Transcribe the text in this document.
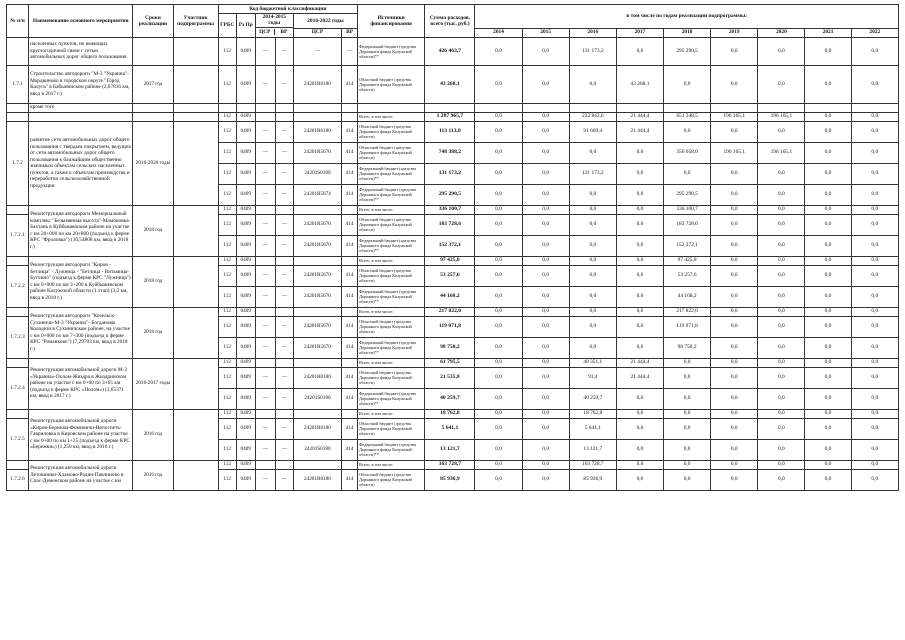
№ п/п	Наименование основного мероприятия	Сроки реализации	Участник подпрограммы	Код бюджетной классификации						Источники финансирования	Сумма расходов, всего (тыс. руб.)	в том числе по годам реализации подпрограммы:								
				ГРБС	Рз Пр	2014-2015 годы		2016-2022 годы												

						ЦСР ВР														

								ЦСР	ВР			2014	2015	2016	2017	2018	2019	2020	2021	2022
	населенных пунктов, не имеющих круглогодичной связи с сетью автомобильных дорог общего пользования			112	0409	—	—	—	—	Федеральный бюджет (средства Дорожного фонда Калужской области)**	426 463,7	0,0	0,0	131 173,2	0,0	295 290,5	0,0	0,0	0,0	0,0
1.7.1	Строительство автодороги "М-3 "Украина"-Мордвиново в городском округе "Город Калуга" в Бабынинском районе (2,07816 км, ввод в 2017 г.)	2017 год		112	0409	—	—	24201R0180	414	Областной бюджет (средства Дорожного фонда Калужской области)	43 268,1	0,0	0,0	0,0	43 268,1	0,0	0,0	0,0	0,0	0,0
	кроме того																			
				112	0409					Всего, в том числе:	1 287 965,7	0,0	0,0	222 842,6	21 444,4	651 348,5	196 165,1	196 165,1	0,0	0,0
1.7.2	развитие сети автомобильных дорог общего пользования с твердым покрытием, ведущих от сети автомобильных дорог общего пользования к ближайшим общественно значимым объектам сельских населенных пунктов, а также к объектам производства и переработки сельскохозяйственной продукции	2016-2020 годы		112	0409	—	—	24201R0180	414	Областной бюджет (средства Дорожного фонда Калужской области)	113 113,8	0,0	0,0	91 669,4	21 444,4	0,0	0,0	0,0	0,0	0,0
				112	0409	—	—	24201R5670	414	Областной бюджет (средства Дорожного фонда Калужской области)	748 388,2	0,0	0,0	0,0	0,0	356 058,0	196 165,1	196 165,1	0,0	0,0
				112	0409	—	—	24201S0180	414	Федеральный бюджет (средства Дорожного фонда Калужской области)**	131 173,2	0,0	0,0	131 173,2	0,0	0,0	0,0	0,0	0,0	0,0
				112	0409	—	—	24201R5674	414	Федеральный бюджет (средства Дорожного фонда Калужской области)**	295 290,5	0,0	0,0	0,0	0,0	295 290,5	0,0	0,0	0,0	0,0
	Реконструкция автодороги Мемориальный комплекс "Безымянная высота"-Мамоновка-Бахтань в Куйбышевском районе на участке с км 20+000 по км 20+800 (подъезд к ферме КРС "Фроловка") (10,54808 км, ввод в 2018 г.)	2018 год		112	0409					Всего, в том числе:	336 100,7	0,0	0,0	0,0	0,0	336 100,7	0,0	0,0	0,0	0,0
1.7.2.1				112	0409	—	—	24201R5670	414	Областной бюджет (средства Дорожного фонда Калужской области)	183 728,6	0,0	0,0	0,0	0,0	183 728,6	0,0	0,0	0,0	0,0
				112	0409	—	—	24201R5670	414	Федеральный бюджет (средства Дорожного фонда Калужской области)**	152 372,1	0,0	0,0	0,0	0,0	152 372,1	0,0	0,0	0,0	0,0
	Реконструкция автодороги "Киров - Бетлица" - Лужница - "Бетлица - Витьмица-Бутчино" (подъезд к ферме КРС "Лужница") с км 0+000 по км 3+200 в Куйбышевском районе Калужской области (1 этап) (3,2 км, ввод в 2018 г.)	2018 год		112	0409					Всего, в том числе:	97 425,8	0,0	0,0	0,0	0,0	97 425,8	0,0	0,0	0,0	0,0
1.7.2.2				112	0409	—	—	24201R5670	414	Областной бюджет (средства Дорожного фонда Калужской области)	53 257,6	0,0	0,0	0,0	0,0	53 257,6	0,0	0,0	0,0	0,0
				112	0409	—	—	24201R5670	414	Федеральный бюджет (средства Дорожного фонда Калужской области)**	44 168,2	0,0	0,0	0,0	0,0	44 168,2	0,0	0,0	0,0	0,0
	Реконструкция автодороги "Козельск-Сухиничи-М-3 "Украина"- Богдановы Колодези в Сухиничском районе, на участке с км 0+000 по км 7+300 (подъезд к ферме КРС "Романково") (7,29703 км, ввод в 2018 г.)	2018 год		112	0409					Всего, в том числе:	217 822,0	0,0	0,0	0,0	0,0	217 822,0	0,0	0,0	0,0	0,0
1.7.2.3				112	0409	—	—	24201R5670	414	Областной бюджет (средства Дорожного фонда Калужской области)	119 071,8	0,0	0,0	0,0	0,0	119 071,8	0,0	0,0	0,0	0,0
				112	0409	—	—	24201R5670	414	Федеральный бюджет (средства Дорожного фонда Калужской области)**	98 750,2	0,0	0,0	0,0	0,0	98 750,2	0,0	0,0	0,0	0,0
	Реконструкция автомобильной дороги М-3 «Украина»-Полом-Жиздра в Жиздринском районе на участке с км 0+00 по 3+65 км (подъезд к ферме КРС «Полом») (3,65371 км, ввод в 2017 г.)	2016-2017 годы		112	0409					Всего, в том числе:	61 795,5	0,0	0,0	40 351,1	21 444,4	0,0	0,0	0,0	0,0	0,0
1.7.2.4				112	0409	—	—	24201R0180	414	Областной бюджет (средства Дорожного фонда Калужской области)	21 535,8	0,0	0,0	91,4	21 444,4	0,0	0,0	0,0	0,0	0,0
				112	0409	—	—	24201S0180	414	Федеральный бюджет (средства Дорожного фонда Калужской области)**	40 259,7	0,0	0,0	40 259,7	0,0	0,0	0,0	0,0	0,0	0,0
	Реконструкция автомобильной дороги «Киров-Бережки-Фоминичи-Непоспеть-Гавриловка в Кировском районе на участке с км 0+00 по км 1+25 (подъезд к ферме КРС «Бережки») (1,250 км, ввод в 2016 г.)	2016 год		112	0409					Всего, в том числе:	18 762,8	0,0	0,0	18 762,8	0,0	0,0	0,0	0,0	0,0	0,0
1.7.2.5				112	0409	—	—	24201R0180	414	Областной бюджет (средства Дорожного фонда Калужской области)	5 641,1	0,0	0,0	5 641,1	0,0	0,0	0,0	0,0	0,0	0,0
				112	0409	—	—	24201S0180	414	Федеральный бюджет (средства Дорожного фонда Калужской области)**	13 121,7	0,0	0,0	13 121,7	0,0	0,0	0,0	0,0	0,0	0,0
	Реконструкция автомобильной дороги Летошники-Хламово-Радин-Павлиново в Спас-Деменском районе на участке с км	2016 год		112	0409					Всего, в том числе:	163 728,7	0,0	0,0	163 728,7	0,0	0,0	0,0	0,0	0,0	0,0
1.7.2.6				112	0409	—	—	24201R0180	414	Областной бюджет (средства Дорожного фонда Калужской области)	85 936,9	0,0	0,0	85 936,9	0,0	0,0	0,0	0,0	0,0	0,0
